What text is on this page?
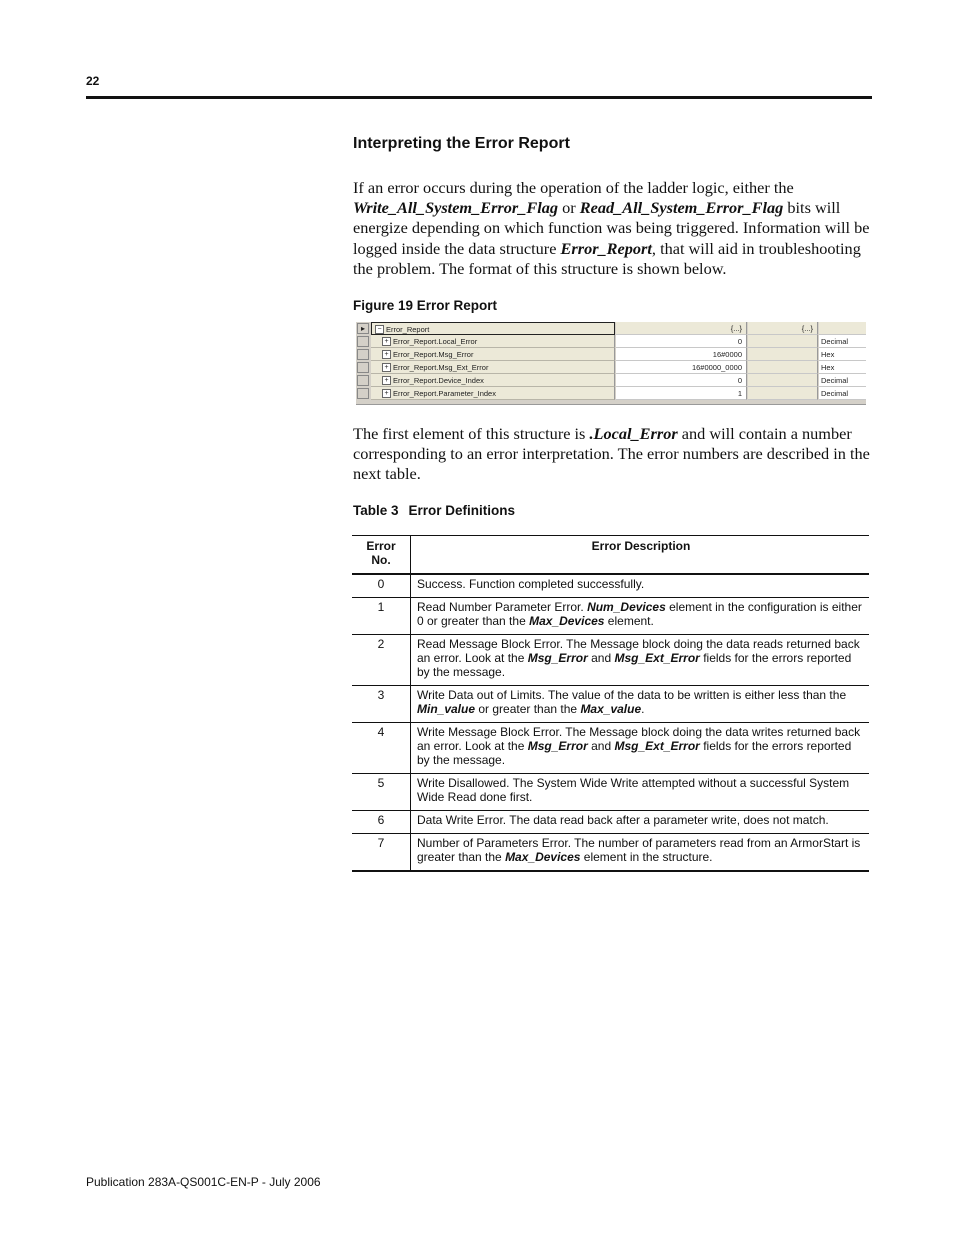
22
Interpreting the Error Report
If an error occurs during the operation of the ladder logic, either the Write_All_System_Error_Flag or Read_All_System_Error_Flag bits will energize depending on which function was being triggered. Information will be logged inside the data structure Error_Report, that will aid in troubleshooting the problem. The format of this structure is shown below.
Figure 19 Error Report
▸	− Error_Report	{...}	{...}
+ Error_Report.Local_Error	0	Decimal
+ Error_Report.Msg_Error	16#0000	Hex
+ Error_Report.Msg_Ext_Error	16#0000_0000	Hex
+ Error_Report.Device_Index	0	Decimal
+ Error_Report.Parameter_Index	1	Decimal
The first element of this structure is .Local_Error and will contain a number corresponding to an error interpretation. The error numbers are described in the next table.
Table 3 Error Definitions
Error
No.	Error Description
0	Success. Function completed successfully.
1	Read Number Parameter Error. Num_Devices element in the configuration is either 0 or greater than the Max_Devices element.
2	Read Message Block Error. The Message block doing the data reads returned back an error. Look at the Msg_Error and Msg_Ext_Error fields for the errors reported by the message.
3	Write Data out of Limits. The value of the data to be written is either less than the Min_value or greater than the Max_value.
4	Write Message Block Error. The Message block doing the data writes returned back an error. Look at the Msg_Error and Msg_Ext_Error fields for the errors reported by the message.
5	Write Disallowed. The System Wide Write attempted without a successful System Wide Read done first.
6	Data Write Error. The data read back after a parameter write, does not match.
7	Number of Parameters Error. The number of parameters read from an ArmorStart is greater than the Max_Devices element in the structure.
Publication 283A-QS001C-EN-P - July 2006
